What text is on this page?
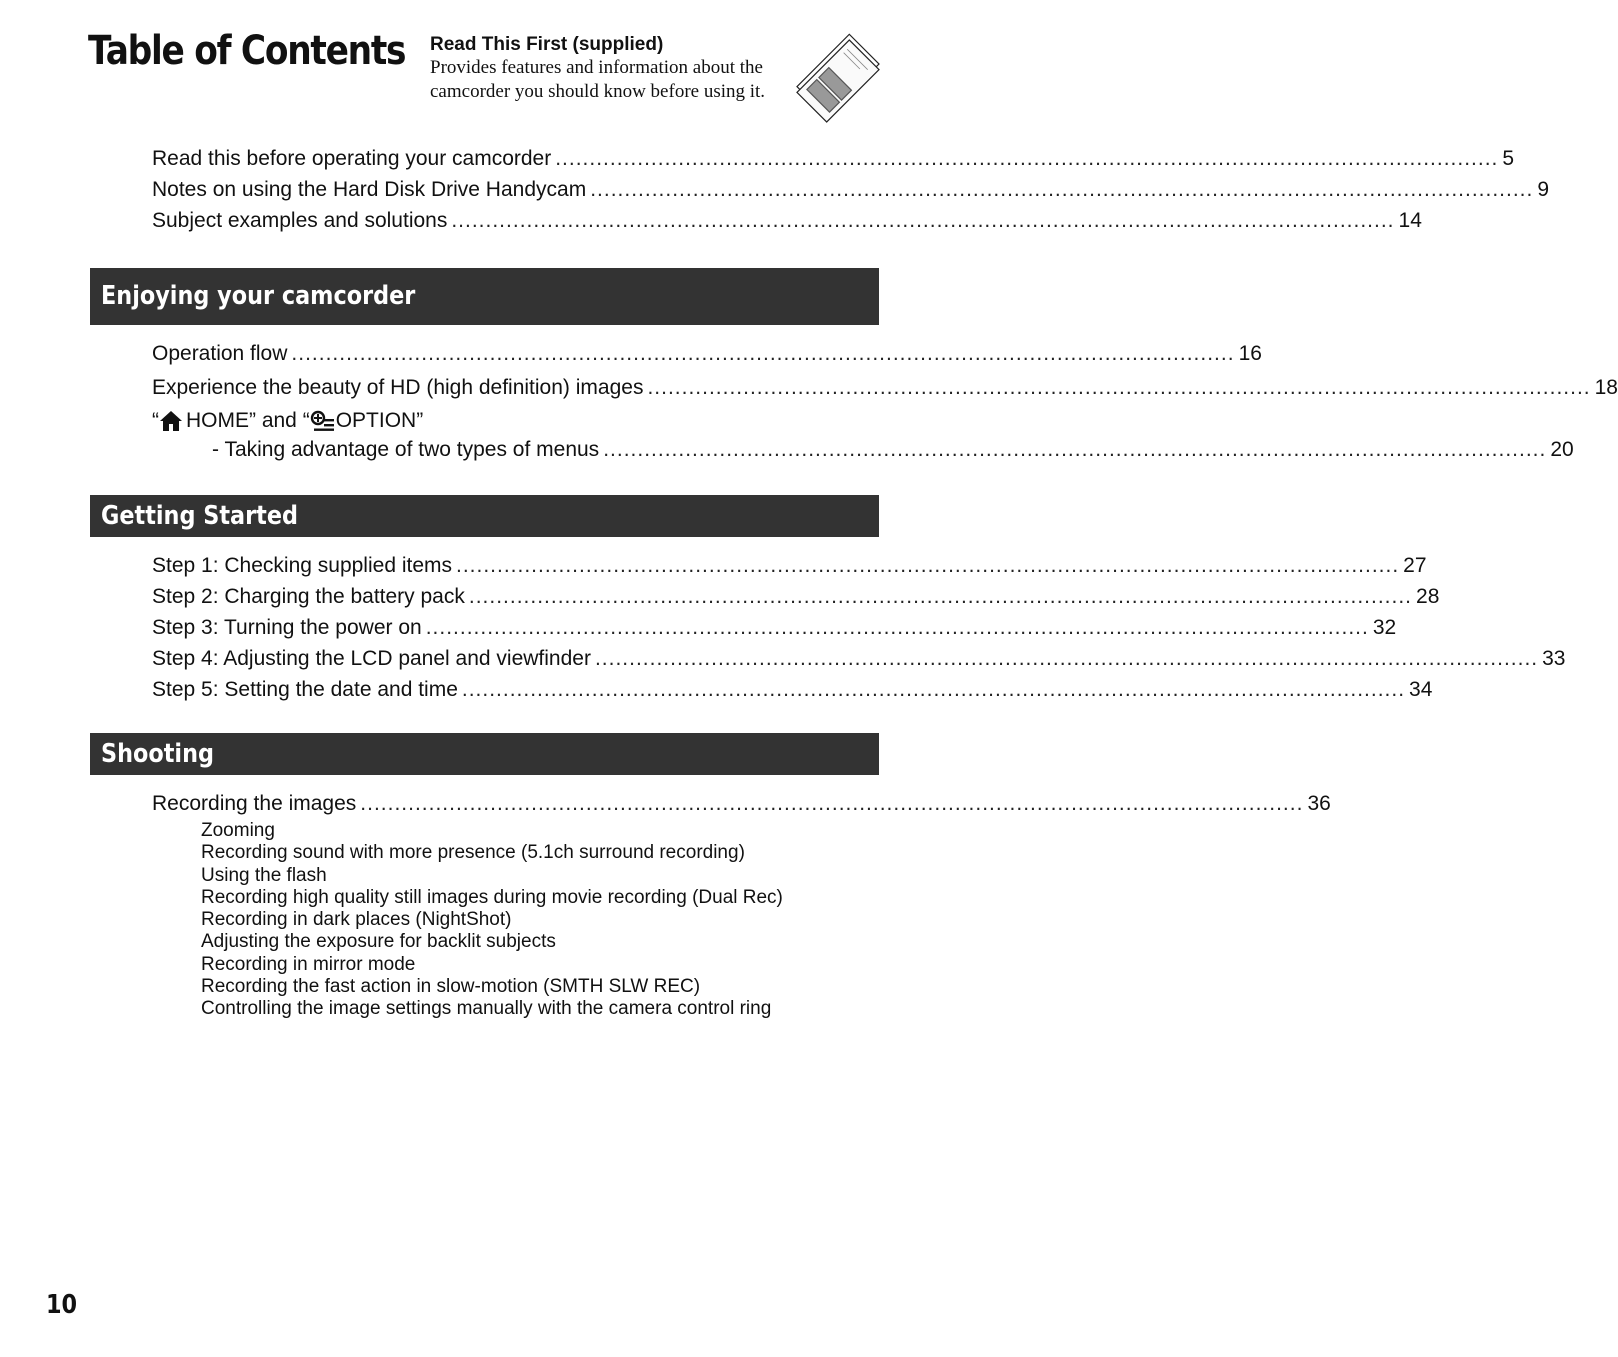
Table of Contents Read This First (supplied)
Provides features and information about the
camcorder you should know before using it.
Read this before operating your camcorder .......................................................................................................................................... 5
Notes on using the Hard Disk Drive Handycam .......................................................................................................................................... 9
Subject examples and solutions .......................................................................................................................................... 14
Enjoying your camcorder
Operation flow .......................................................................................................................................... 16
Experience the beauty of HD (high definition) images .......................................................................................................................................... 18
“ HOME” and “ OPTION”
- Taking advantage of two types of menus .......................................................................................................................................... 20
Getting Started
Step 1: Checking supplied items .......................................................................................................................................... 27
Step 2: Charging the battery pack .......................................................................................................................................... 28
Step 3: Turning the power on .......................................................................................................................................... 32
Step 4: Adjusting the LCD panel and viewfinder .......................................................................................................................................... 33
Step 5: Setting the date and time .......................................................................................................................................... 34
Shooting
Recording the images .......................................................................................................................................... 36
Zooming
Recording sound with more presence (5.1ch surround recording)
Using the flash
Recording high quality still images during movie recording (Dual Rec)
Recording in dark places (NightShot)
Adjusting the exposure for backlit subjects
Recording in mirror mode
Recording the fast action in slow-motion (SMTH SLW REC)
Controlling the image settings manually with the camera control ring
10
